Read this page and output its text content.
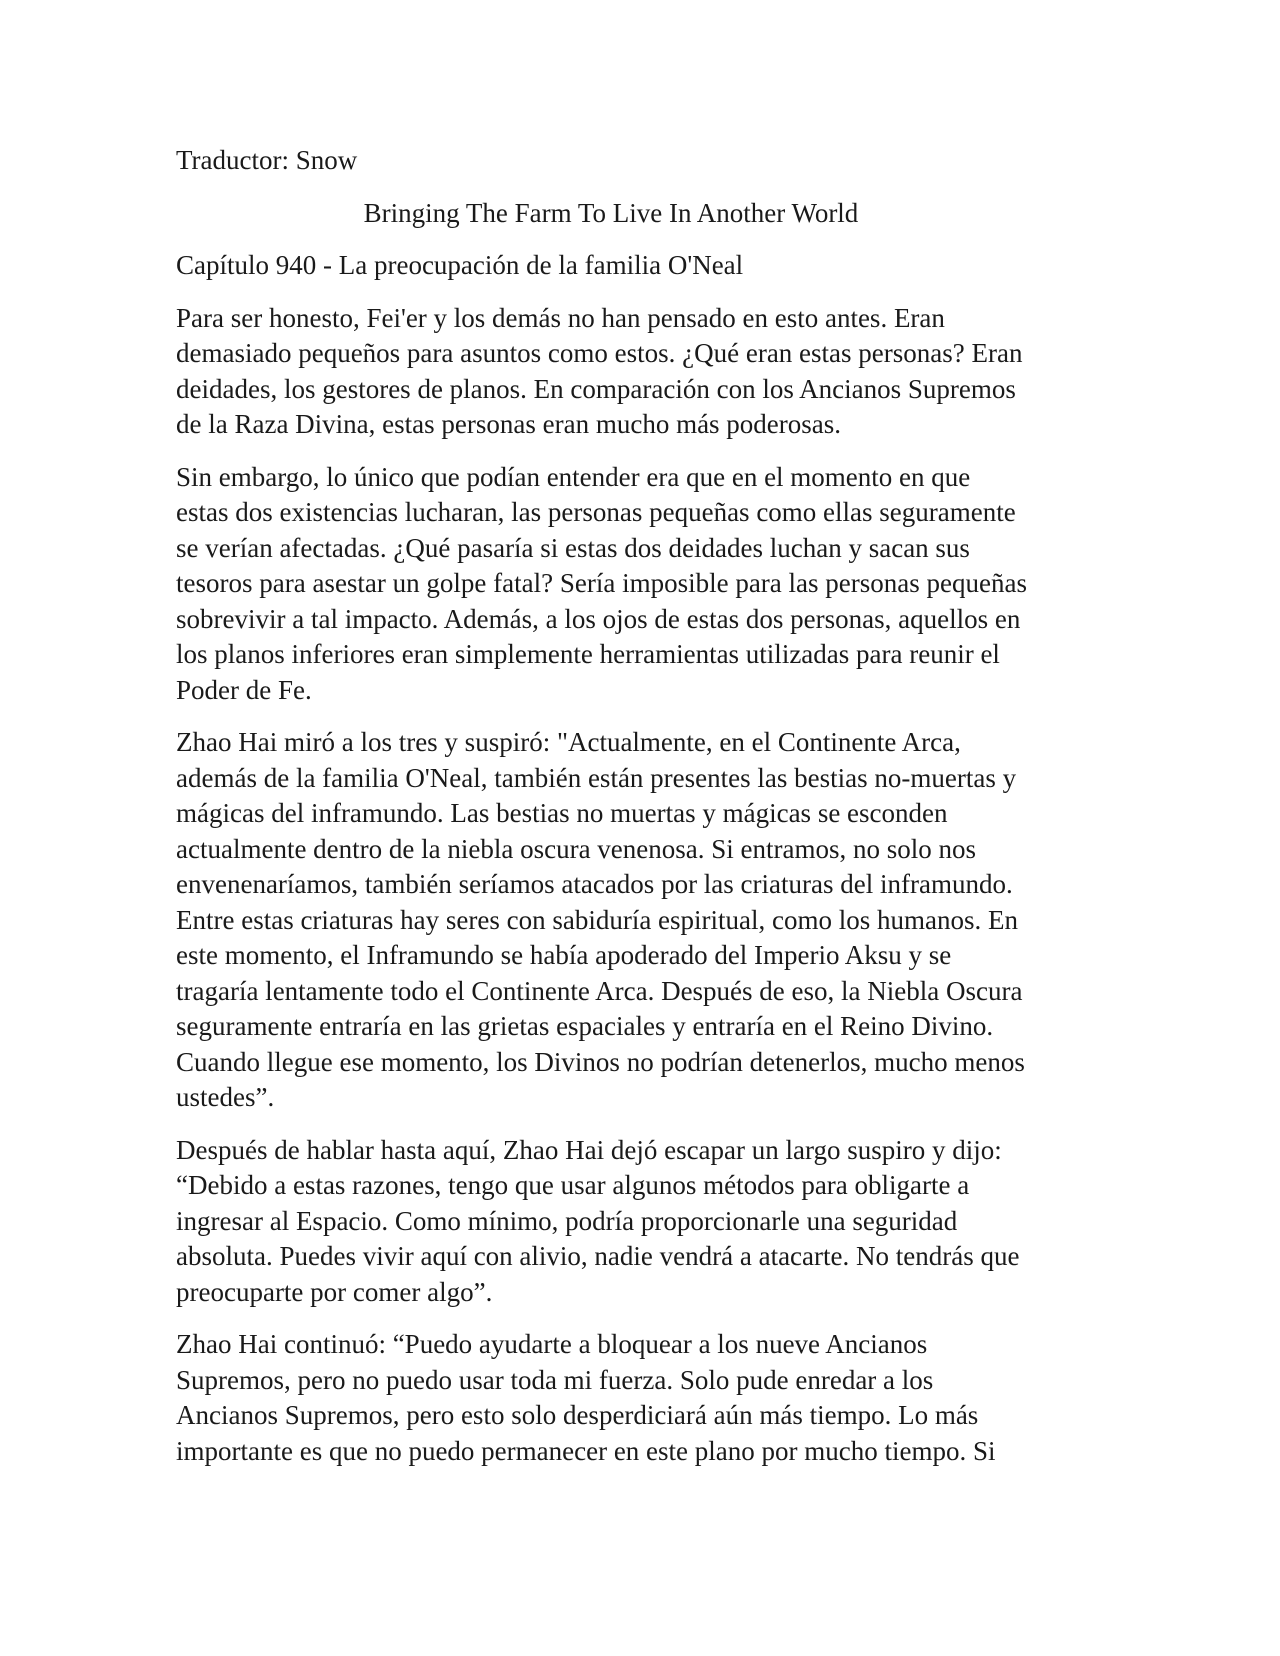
Traductor: Snow

Bringing The Farm To Live In Another World

Capítulo 940 - La preocupación de la familia O'Neal

Para ser honesto, Fei'er y los demás no han pensado en esto antes. Eran

demasiado pequeños para asuntos como estos. ¿Qué eran estas personas? Eran

deidades, los gestores de planos. En comparación con los Ancianos Supremos

de la Raza Divina, estas personas eran mucho más poderosas.

Sin embargo, lo único que podían entender era que en el momento en que

estas dos existencias lucharan, las personas pequeñas como ellas seguramente

se verían afectadas. ¿Qué pasaría si estas dos deidades luchan y sacan sus

tesoros para asestar un golpe fatal? Sería imposible para las personas pequeñas

sobrevivir a tal impacto. Además, a los ojos de estas dos personas, aquellos en

los planos inferiores eran simplemente herramientas utilizadas para reunir el

Poder de Fe.

Zhao Hai miró a los tres y suspiró: "Actualmente, en el Continente Arca,

además de la familia O'Neal, también están presentes las bestias no-muertas y

mágicas del inframundo. Las bestias no muertas y mágicas se esconden

actualmente dentro de la niebla oscura venenosa. Si entramos, no solo nos

envenenaríamos, también seríamos atacados por las criaturas del inframundo.

Entre estas criaturas hay seres con sabiduría espiritual, como los humanos. En

este momento, el Inframundo se había apoderado del Imperio Aksu y se

tragaría lentamente todo el Continente Arca. Después de eso, la Niebla Oscura

seguramente entraría en las grietas espaciales y entraría en el Reino Divino.

Cuando llegue ese momento, los Divinos no podrían detenerlos, mucho menos

ustedes”.

Después de hablar hasta aquí, Zhao Hai dejó escapar un largo suspiro y dijo:

“Debido a estas razones, tengo que usar algunos métodos para obligarte a

ingresar al Espacio. Como mínimo, podría proporcionarle una seguridad

absoluta. Puedes vivir aquí con alivio, nadie vendrá a atacarte. No tendrás que

preocuparte por comer algo”.

Zhao Hai continuó: “Puedo ayudarte a bloquear a los nueve Ancianos

Supremos, pero no puedo usar toda mi fuerza. Solo pude enredar a los

Ancianos Supremos, pero esto solo desperdiciará aún más tiempo. Lo más

importante es que no puedo permanecer en este plano por mucho tiempo. Si
